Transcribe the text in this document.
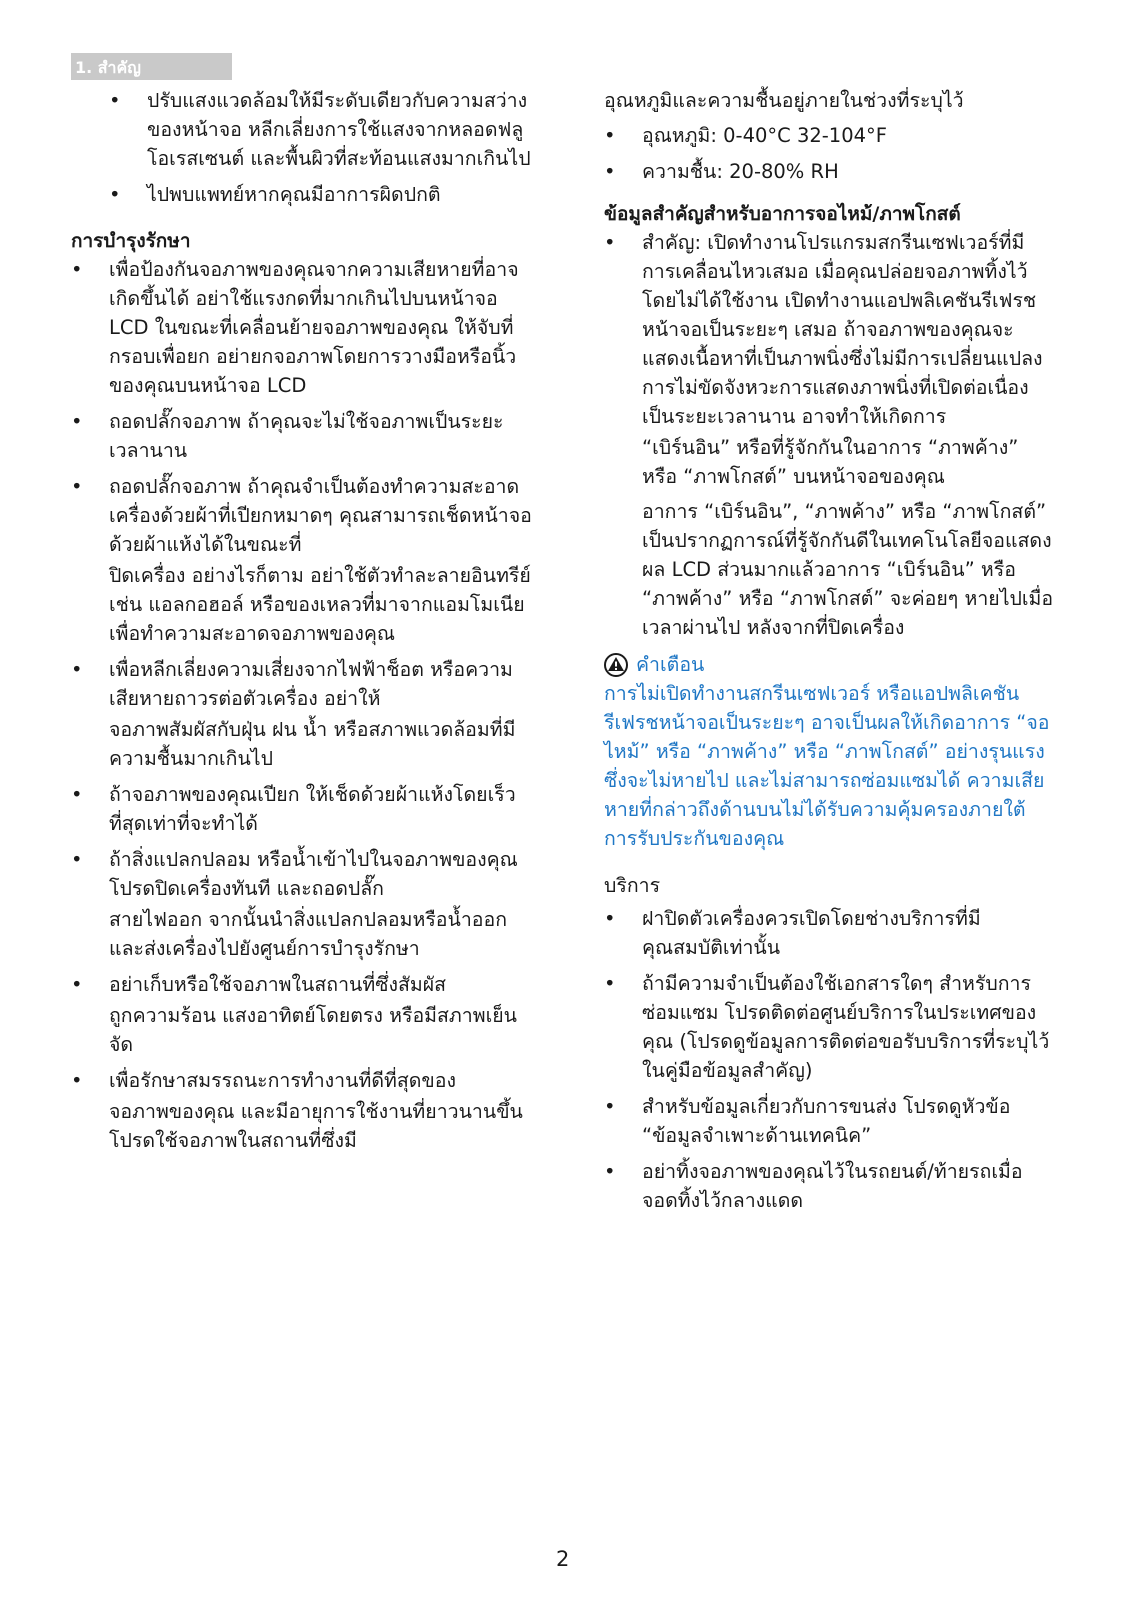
1. สำคัญ
• ปรับแสงแวดล้อมให้มีระดับเดียวกับความสว่างของหน้าจอ หลีกเลี่ยงการใช้แสงจากหลอดฟลูโอเรสเซนต์ และพื้นผิวที่สะท้อนแสงมากเกินไป
• ไปพบแพทย์หากคุณมีอาการผิดปกติ
การบำรุงรักษา
• เพื่อป้องกันจอภาพของคุณจากความเสียหายที่อาจเกิดขึ้นได้ อย่าใช้แรงกดที่มากเกินไปบนหน้าจอ LCD ในขณะที่เคลื่อนย้ายจอภาพของคุณ ให้จับที่กรอบเพื่อยก อย่ายกจอภาพโดยการวางมือหรือนิ้วของคุณบนหน้าจอ LCD
• ถอดปลั๊กจอภาพ ถ้าคุณจะไม่ใช้จอภาพเป็นระยะเวลานาน
• ถอดปลั๊กจอภาพ ถ้าคุณจำเป็นต้องทำความสะอาดเครื่องด้วยผ้าที่เปียกหมาดๆ คุณสามารถเช็ดหน้าจอด้วยผ้าแห้งได้ในขณะที่
ปิดเครื่อง อย่างไรก็ตาม อย่าใช้ตัวทำละลายอินทรีย์ เช่น แอลกอฮอล์ หรือของเหลวที่มาจากแอมโมเนีย เพื่อทำความสะอาดจอภาพของคุณ
• เพื่อหลีกเลี่ยงความเสี่ยงจากไฟฟ้าช็อต หรือความเสียหายถาวรต่อตัวเครื่อง อย่าให้
จอภาพสัมผัสกับฝุ่น ฝน น้ำ หรือสภาพแวดล้อมที่มีความชื้นมากเกินไป
• ถ้าจอภาพของคุณเปียก ให้เช็ดด้วยผ้าแห้งโดยเร็วที่สุดเท่าที่จะทำได้
• ถ้าสิ่งแปลกปลอม หรือน้ำเข้าไปในจอภาพของคุณ โปรดปิดเครื่องทันที และถอดปลั๊ก
สายไฟออก จากนั้นนำสิ่งแปลกปลอมหรือน้ำออก และส่งเครื่องไปยังศูนย์การบำรุงรักษา
• อย่าเก็บหรือใช้จอภาพในสถานที่ซึ่งสัมผัส
ถูกความร้อน แสงอาทิตย์โดยตรง หรือมีสภาพเย็นจัด
• เพื่อรักษาสมรรถนะการทำงานที่ดีที่สุดของ
จอภาพของคุณ และมีอายุการใช้งานที่ยาวนานขึ้น โปรดใช้จอภาพในสถานที่ซึ่งมี

อุณหภูมิและความชื้นอยู่ภายในช่วงที่ระบุไว้

• อุณหภูมิ: 0-40°C 32-104°F
• ความชื้น: 20-80% RH
ข้อมูลสำคัญสำหรับอาการจอไหม้/ภาพโกสต์
• สำคัญ: เปิดทำงานโปรแกรมสกรีนเซฟเวอร์ที่มีการเคลื่อนไหวเสมอ เมื่อคุณปล่อยจอภาพทิ้งไว้โดยไม่ได้ใช้งาน เปิดทำงานแอปพลิเคชันรีเฟรชหน้าจอเป็นระยะๆ เสมอ ถ้าจอภาพของคุณจะแสดงเนื้อหาที่เป็นภาพนิ่งซึ่งไม่มีการเปลี่ยนแปลง การไม่ขัดจังหวะการแสดงภาพนิ่งที่เปิดต่อเนื่องเป็นระยะเวลานาน อาจทำให้เกิดการ
“เบิร์นอิน” หรือที่รู้จักกันในอาการ “ภาพค้าง” หรือ “ภาพโกสต์” บนหน้าจอของคุณ
อาการ “เบิร์นอิน”, “ภาพค้าง” หรือ “ภาพโกสต์” เป็นปรากฏการณ์ที่รู้จักกันดีในเทคโนโลยีจอแสดงผล LCD ส่วนมากแล้วอาการ “เบิร์นอิน” หรือ “ภาพค้าง” หรือ “ภาพโกสต์” จะค่อยๆ หายไปเมื่อเวลาผ่านไป หลังจากที่ปิดเครื่อง
คำเตือน

การไม่เปิดทำงานสกรีนเซฟเวอร์ หรือแอปพลิเคชันรีเฟรชหน้าจอเป็นระยะๆ อาจเป็นผลให้เกิดอาการ “จอไหม้” หรือ “ภาพค้าง” หรือ “ภาพโกสต์” อย่างรุนแรง ซึ่งจะไม่หายไป และไม่สามารถซ่อมแซมได้ ความเสียหายที่กล่าวถึงด้านบนไม่ได้รับความคุ้มครองภายใต้การรับประกันของคุณ

บริการ

• ฝาปิดตัวเครื่องควรเปิดโดยช่างบริการที่มีคุณสมบัติเท่านั้น
• ถ้ามีความจำเป็นต้องใช้เอกสารใดๆ สำหรับการซ่อมแซม โปรดติดต่อศูนย์บริการในประเทศของคุณ (โปรดดูข้อมูลการติดต่อขอรับบริการที่ระบุไว้ในคู่มือข้อมูลสำคัญ)
• สำหรับข้อมูลเกี่ยวกับการขนส่ง โปรดดูหัวข้อ “ข้อมูลจำเพาะด้านเทคนิค”
• อย่าทิ้งจอภาพของคุณไว้ในรถยนต์/ท้ายรถเมื่อจอดทิ้งไว้กลางแดด
2
